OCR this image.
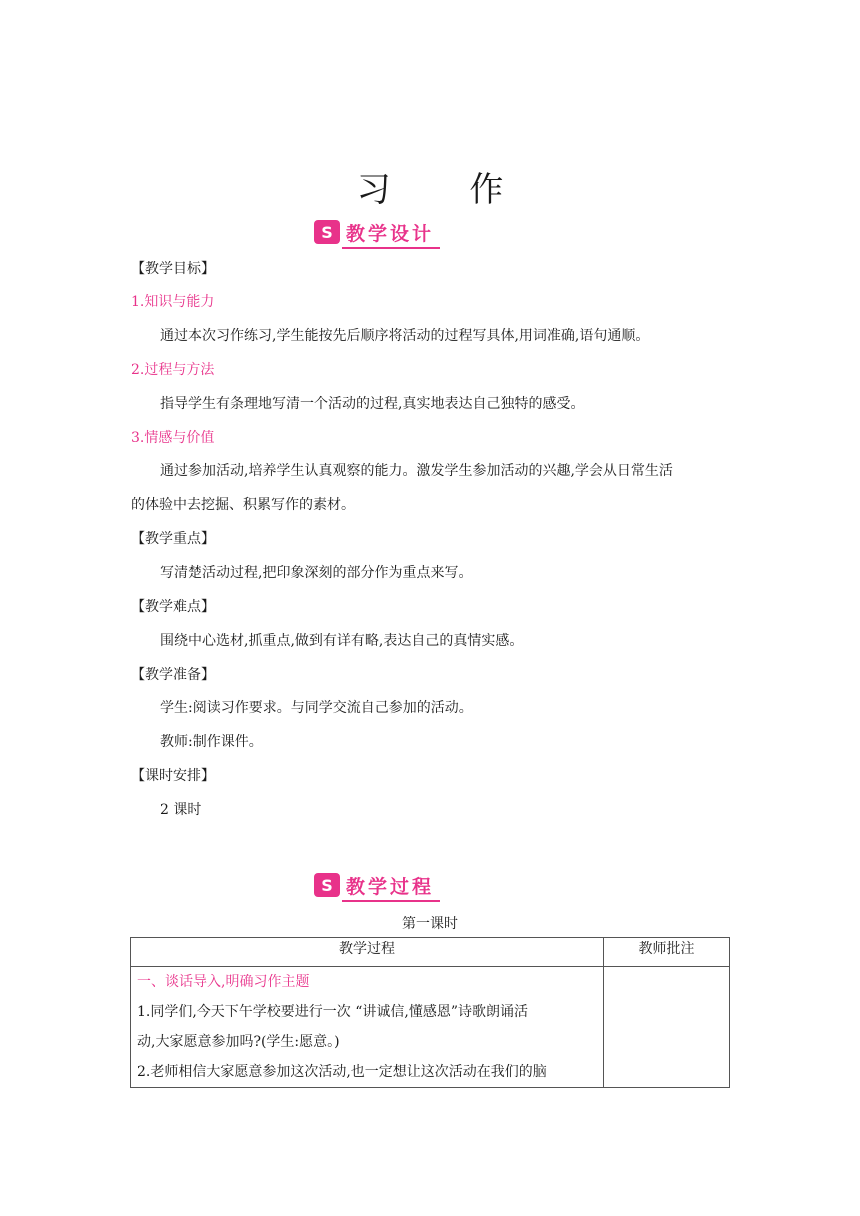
习 作
S 教学设计
【教学目标】
1.知识与能力
通过本次习作练习,学生能按先后顺序将活动的过程写具体,用词准确,语句通顺。
2.过程与方法
指导学生有条理地写清一个活动的过程,真实地表达自己独特的感受。
3.情感与价值
通过参加活动,培养学生认真观察的能力。激发学生参加活动的兴趣,学会从日常生活
的体验中去挖掘、积累写作的素材。
【教学重点】
写清楚活动过程,把印象深刻的部分作为重点来写。
【教学难点】
围绕中心选材,抓重点,做到有详有略,表达自己的真情实感。
【教学准备】
学生:阅读习作要求。与同学交流自己参加的活动。
教师:制作课件。
【课时安排】
2 课时
S 教学过程
第一课时
教学过程	教师批注

一、谈话导入,明确习作主题
1.同学们,今天下午学校要进行一次 “讲诚信,懂感恩”诗歌朗诵活
动,大家愿意参加吗?(学生:愿意。)
2.老师相信大家愿意参加这次活动,也一定想让这次活动在我们的脑	
